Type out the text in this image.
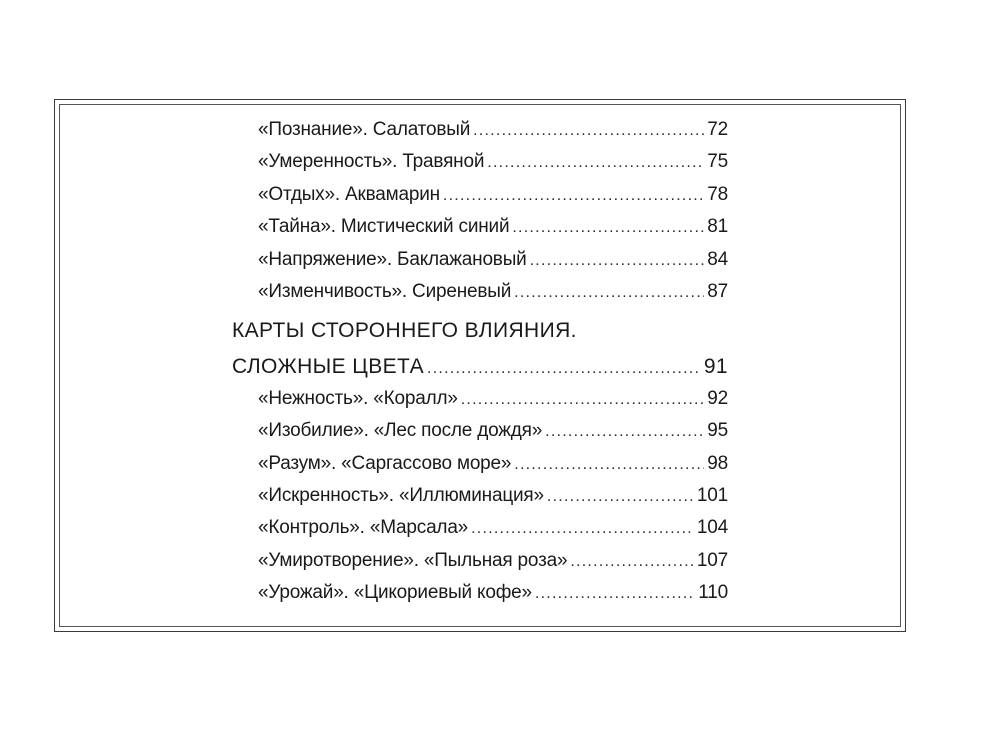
«Познание». Салатовый . . .	72
«Умеренность». Травяной . . .	75
«Отдых». Аквамарин . . .	78
«Тайна». Мистический синий . . .	81
«Напряжение». Баклажановый . . .	84
«Изменчивость». Сиреневый . . .	87
КАРТЫ СТОРОННЕГО ВЛИЯНИЯ.
СЛОЖНЫЕ ЦВЕТА . . .	91
«Нежность». «Коралл» . . .	92
«Изобилие». «Лес после дождя» . . .	95
«Разум». «Саргассово море» . . .	98
«Искренность». «Иллюминация» . . .	101
«Контроль». «Марсала» . . .	104
«Умиротворение». «Пыльная роза» . . .	107
«Урожай». «Цикориевый кофе» . . .	110
